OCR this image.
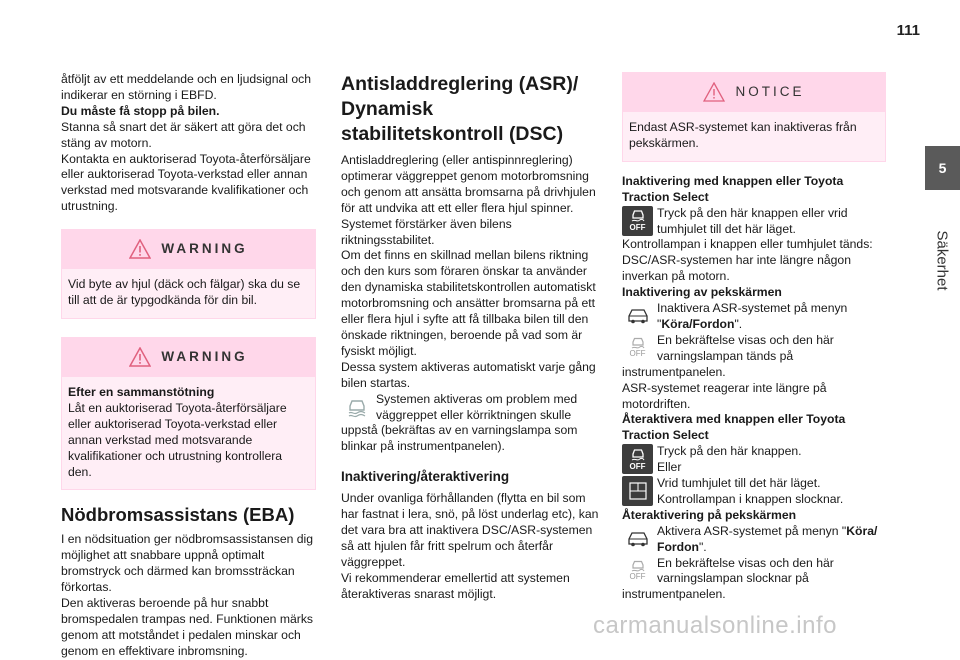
111
5
Säkerhet

åtföljt av ett meddelande och en ljudsignal och indikerar en störning i EBFD.

Du måste få stopp på bilen.

Stanna så snart det är säkert att göra det och stäng av motorn.

Kontakta en auktoriserad Toyota-återförsäljare eller auktoriserad Toyota-verkstad eller annan verkstad med motsvarande kvalifikationer och utrustning.

WARNING
Vid byte av hjul (däck och fälgar) ska du se till att de är typgodkända för din bil.
WARNING

Efter en sammanstötning

Låt en auktoriserad Toyota-återförsäljare eller auktoriserad Toyota-verkstad eller annan verkstad med motsvarande kvalifikationer och utrustning kontrollera den.

Nödbromsassistans (EBA)

I en nödsituation ger nödbromsassistansen dig möjlighet att snabbare uppnå optimalt bromstryck och därmed kan bromssträckan förkortas.

Den aktiveras beroende på hur snabbt bromspedalen trampas ned. Funktionen märks genom att motståndet i pedalen minskar och genom en effektivare inbromsning.

Antisladdreglering (ASR)/ Dynamisk stabilitetskontroll (DSC)

Antisladdreglering (eller antispinnreglering) optimerar väggreppet genom motorbromsning och genom att ansätta bromsarna på drivhjulen för att undvika att ett eller flera hjul spinner. Systemet förstärker även bilens riktningsstabilitet.

Om det finns en skillnad mellan bilens riktning och den kurs som föraren önskar ta använder den dynamiska stabilitetskontrollen automatiskt motorbromsning och ansätter bromsarna på ett eller flera hjul i syfte att få tillbaka bilen till den önskade riktningen, beroende på vad som är fysiskt möjligt.

Dessa system aktiveras automatiskt varje gång bilen startas.

Systemen aktiveras om problem med väggreppet eller körriktningen skulle

uppstå (bekräftas av en varningslampa som blinkar på instrumentpanelen).

Inaktivering/återaktivering

Under ovanliga förhållanden (flytta en bil som har fastnat i lera, snö, på löst underlag etc), kan det vara bra att inaktivera DSC/ASR-systemen så att hjulen får fritt spelrum och återfår väggreppet.

Vi rekommenderar emellertid att systemen återaktiveras snarast möjligt.

NOTICE
Endast ASR-systemet kan inaktiveras från pekskärmen.

Inaktivering med knappen eller Toyota Traction Select

OFF

Tryck på den här knappen eller vrid tumhjulet till det här läget.

Kontrollampan i knappen eller tumhjulet tänds: DSC/ASR-systemen har inte längre någon inverkan på motorn.

Inaktivering av pekskärmen

Inaktivera ASR-systemet på menyn "Köra/Fordon".

OFF

En bekräftelse visas och den här varningslampan tänds på

instrumentpanelen.

ASR-systemet reagerar inte längre på motordriften.

Återaktivera med knappen eller Toyota Traction Select

OFF

Tryck på den här knappen.

Eller

Vrid tumhjulet till det här läget.

Kontrollampan i knappen slocknar.

Återaktivering på pekskärmen

Aktivera ASR-systemet på menyn "Köra/ Fordon".

OFF

En bekräftelse visas och den här varningslampan slocknar på

instrumentpanelen.

carmanualsonline.info
